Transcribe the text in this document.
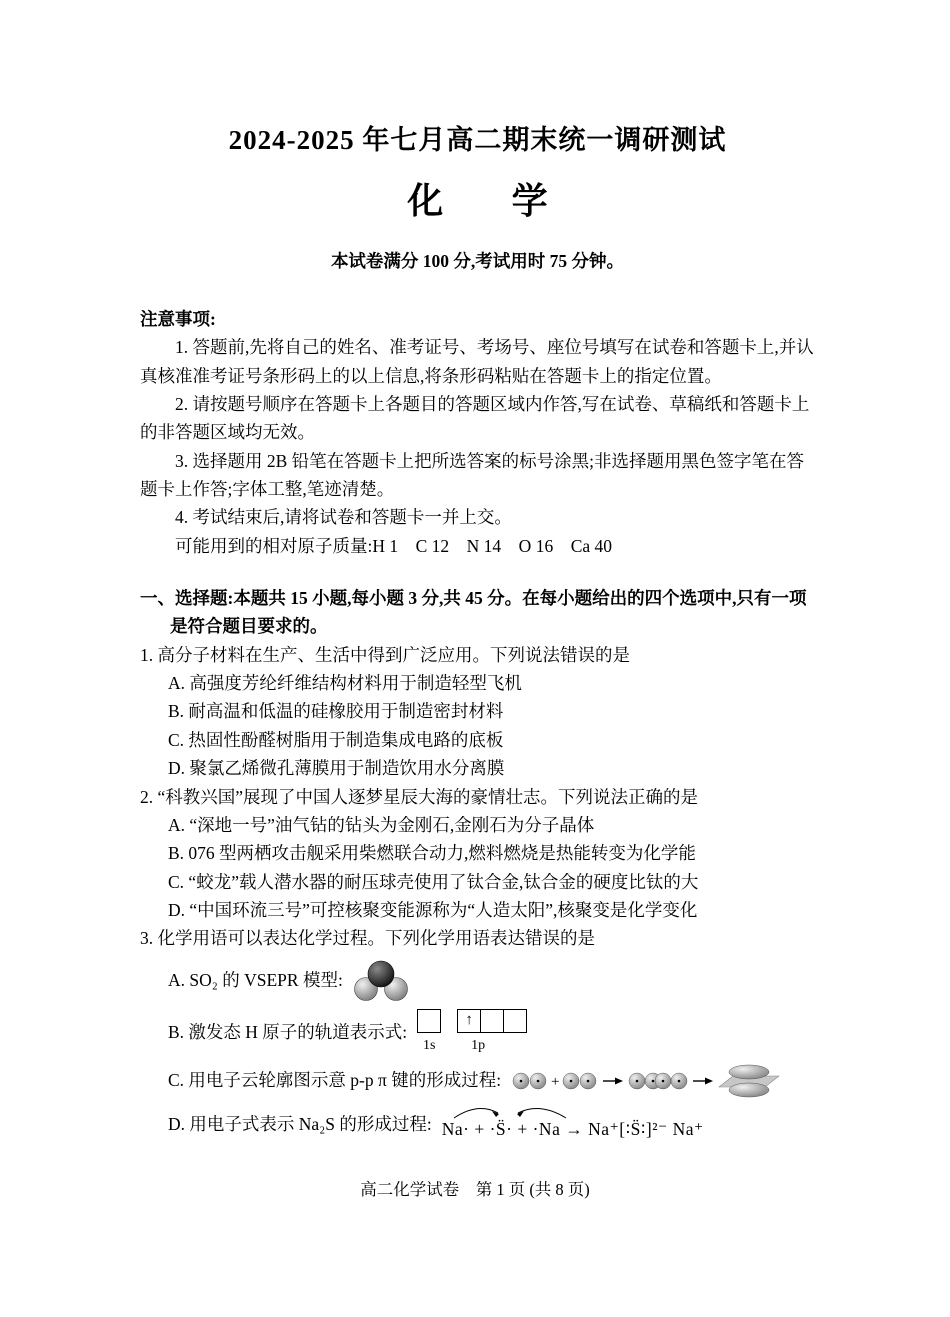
2024-2025 年七月高二期末统一调研测试
化　学
本试卷满分 100 分,考试用时 75 分钟。
注意事项:

1. 答题前,先将自己的姓名、准考证号、考场号、座位号填写在试卷和答题卡上,并认真核准准考证号条形码上的以上信息,将条形码粘贴在答题卡上的指定位置。

2. 请按题号顺序在答题卡上各题目的答题区域内作答,写在试卷、草稿纸和答题卡上的非答题区域均无效。

3. 选择题用 2B 铅笔在答题卡上把所选答案的标号涂黑;非选择题用黑色签字笔在答题卡上作答;字体工整,笔迹清楚。

4. 考试结束后,请将试卷和答题卡一并上交。

可能用到的相对原子质量:H 1　C 12　N 14　O 16　Ca 40

一、选择题:本题共 15 小题,每小题 3 分,共 45 分。在每小题给出的四个选项中,只有一项是符合题目要求的。

1. 高分子材料在生产、生活中得到广泛应用。下列说法错误的是

A. 高强度芳纶纤维结构材料用于制造轻型飞机

B. 耐高温和低温的硅橡胶用于制造密封材料

C. 热固性酚醛树脂用于制造集成电路的底板

D. 聚氯乙烯微孔薄膜用于制造饮用水分离膜

2. “科教兴国”展现了中国人逐梦星辰大海的豪情壮志。下列说法正确的是

A. “深地一号”油气钻的钻头为金刚石,金刚石为分子晶体

B. 076 型两栖攻击舰采用柴燃联合动力,燃料燃烧是热能转变为化学能

C. “蛟龙”载人潜水器的耐压球壳使用了钛合金,钛合金的硬度比钛的大

D. “中国环流三号”可控核聚变能源称为“人造太阳”,核聚变是化学变化

3. 化学用语可以表达化学过程。下列化学用语表达错误的是

A. SO₂ 的 VSEPR 模型:
B. 激发态 H 原子的轨道表示式:
1s
↑
1p
C. 用电子云轮廓图示意 p-p π 键的形成过程:	+
D. 用电子式表示 Na₂S 的形成过程: Na· + ·S̈· + ·Na → Na⁺[∶S̈∶]²⁻ Na⁺
高二化学试卷　第 1 页 (共 8 页)
